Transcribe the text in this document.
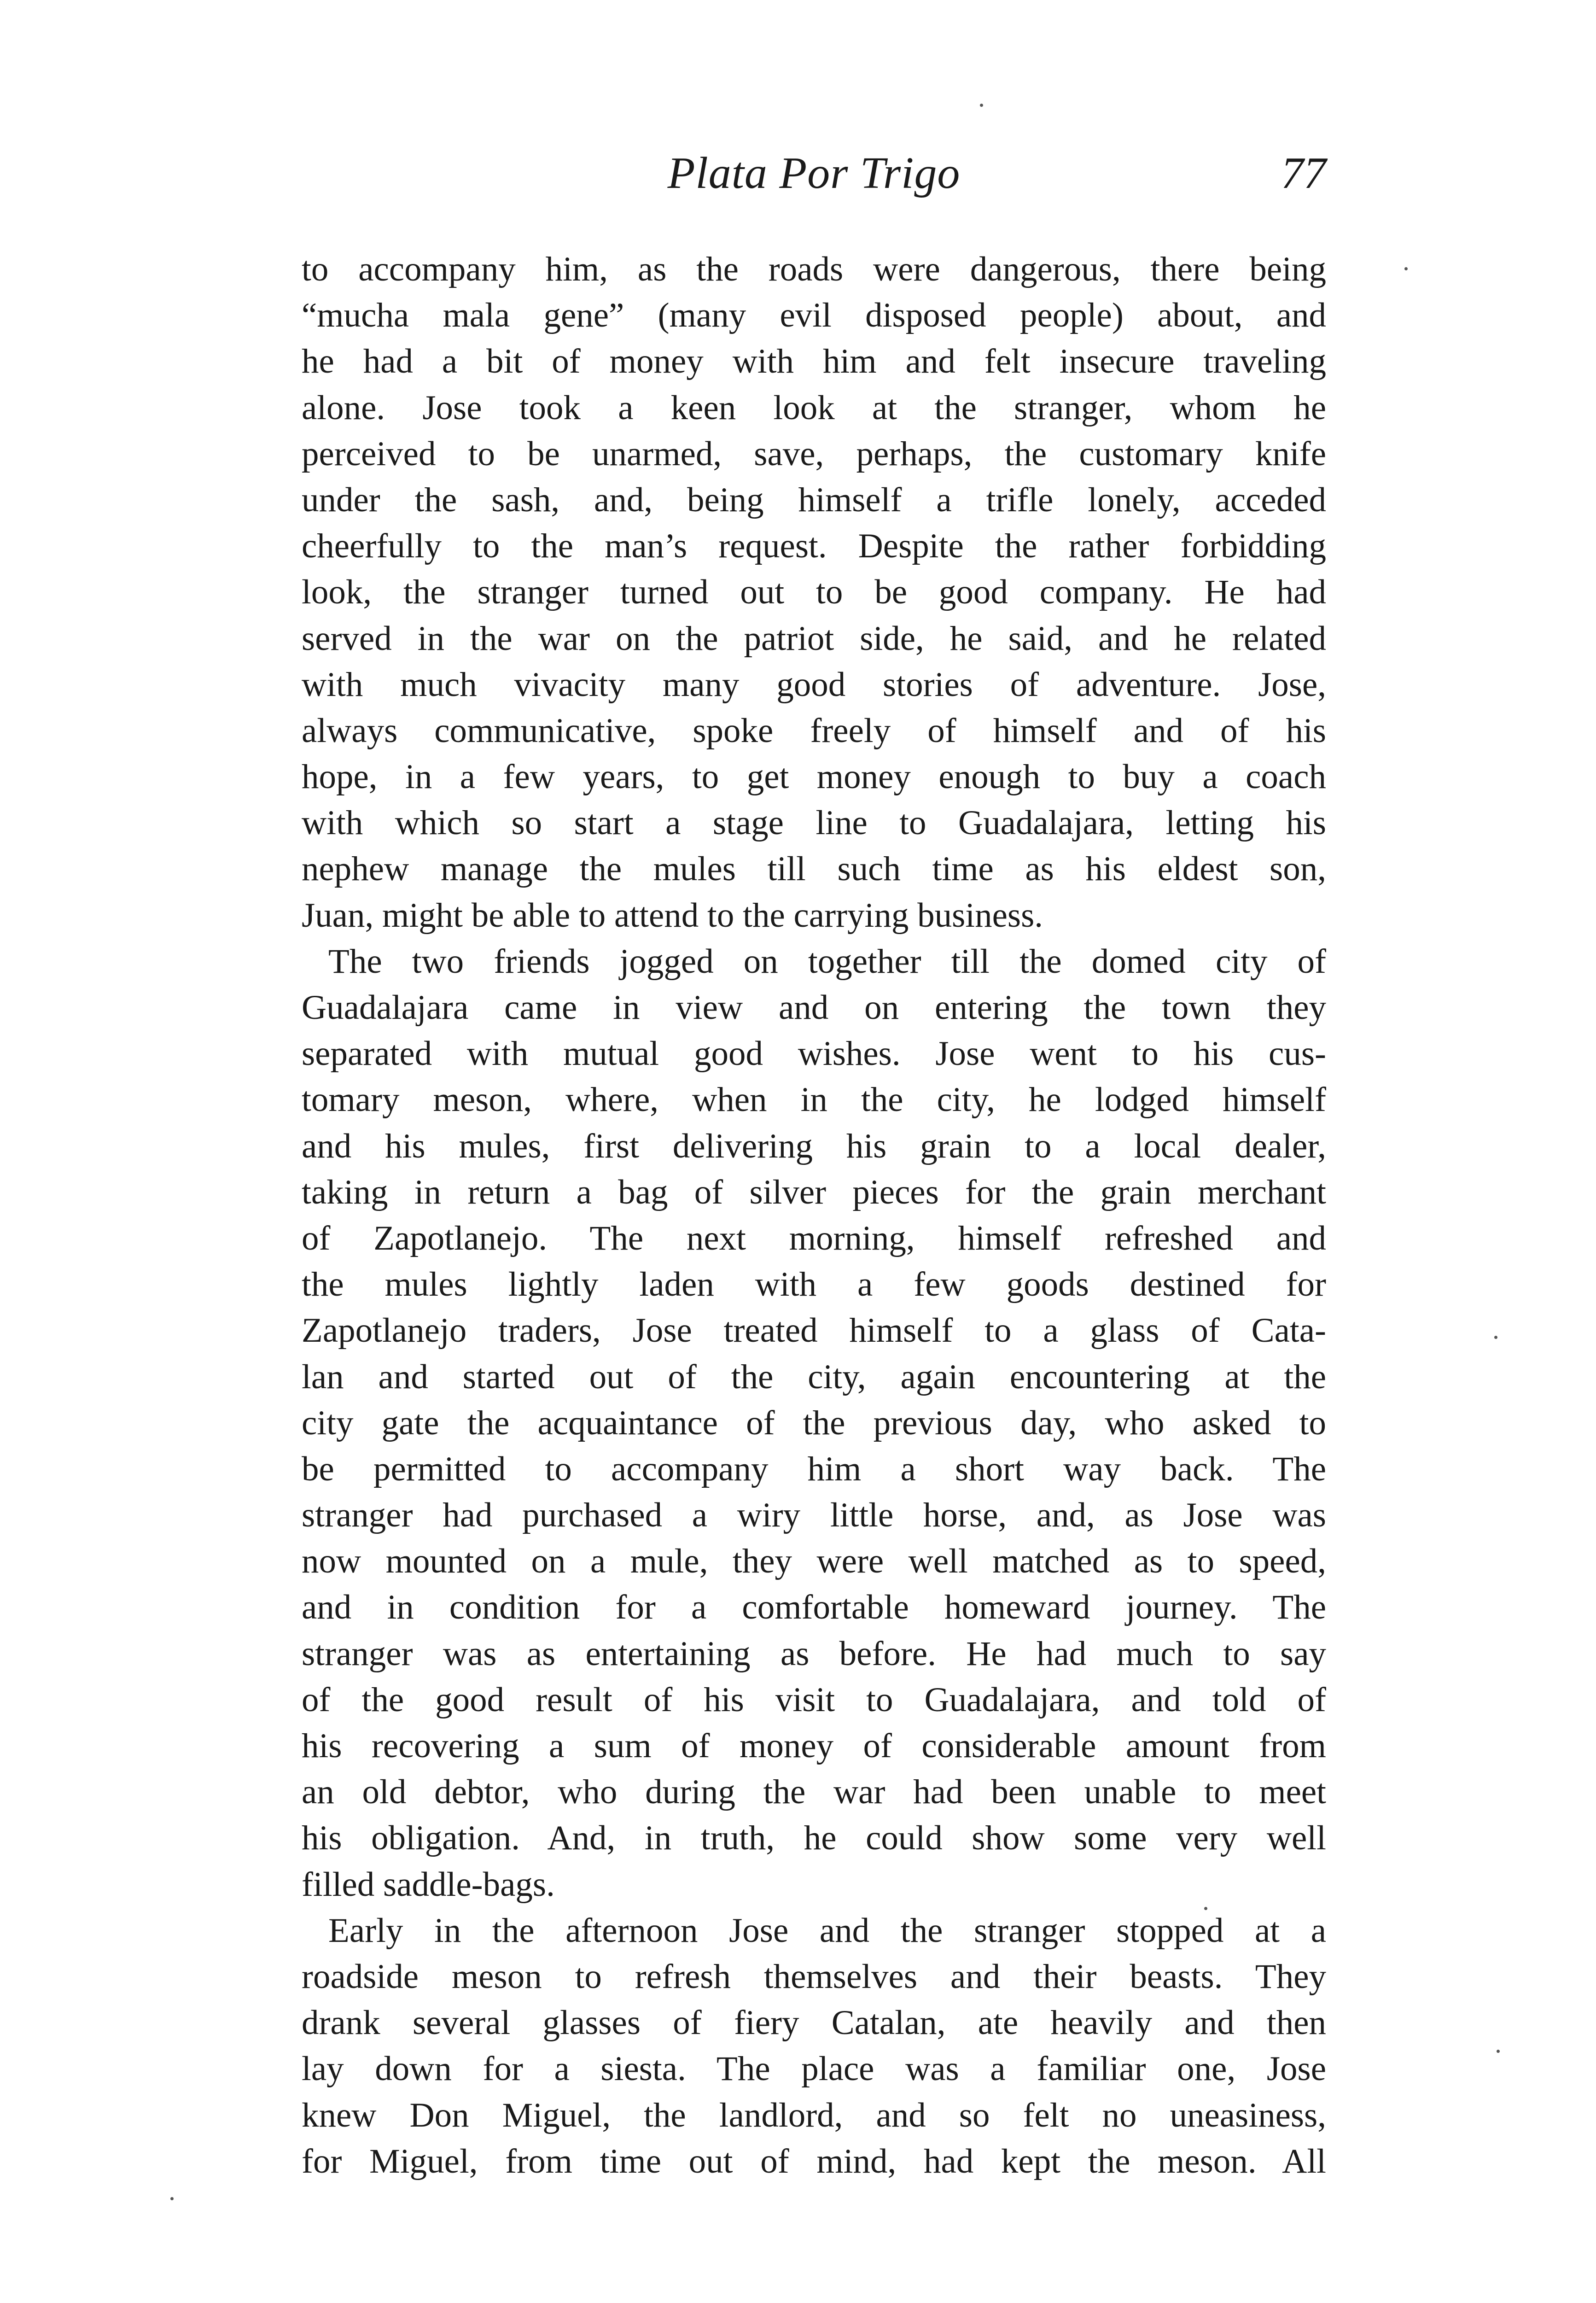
Plata Por Trigo	77
to accompany him, as the roads were dangerous, there being
“mucha mala gene” (many evil disposed people) about, and
he had a bit of money with him and felt insecure traveling
alone. Jose took a keen look at the stranger, whom he
perceived to be unarmed, save, perhaps, the customary knife
under the sash, and, being himself a trifle lonely, acceded
cheerfully to the man’s request. Despite the rather forbidding
look, the stranger turned out to be good company. He had
served in the war on the patriot side, he said, and he related
with much vivacity many good stories of adventure. Jose,
always communicative, spoke freely of himself and of his
hope, in a few years, to get money enough to buy a coach
with which so start a stage line to Guadalajara, letting his
nephew manage the mules till such time as his eldest son,
Juan, might be able to attend to the carrying business.
The two friends jogged on together till the domed city of
Guadalajara came in view and on entering the town they
separated with mutual good wishes. Jose went to his cus-
tomary meson, where, when in the city, he lodged himself
and his mules, first delivering his grain to a local dealer,
taking in return a bag of silver pieces for the grain merchant
of Zapotlanejo. The next morning, himself refreshed and
the mules lightly laden with a few goods destined for
Zapotlanejo traders, Jose treated himself to a glass of Cata-
lan and started out of the city, again encountering at the
city gate the acquaintance of the previous day, who asked to
be permitted to accompany him a short way back. The
stranger had purchased a wiry little horse, and, as Jose was
now mounted on a mule, they were well matched as to speed,
and in condition for a comfortable homeward journey. The
stranger was as entertaining as before. He had much to say
of the good result of his visit to Guadalajara, and told of
his recovering a sum of money of considerable amount from
an old debtor, who during the war had been unable to meet
his obligation. And, in truth, he could show some very well
filled saddle-bags.
Early in the afternoon Jose and the stranger stopped at a
roadside meson to refresh themselves and their beasts. They
drank several glasses of fiery Catalan, ate heavily and then
lay down for a siesta. The place was a familiar one, Jose
knew Don Miguel, the landlord, and so felt no uneasiness,
for Miguel, from time out of mind, had kept the meson. All
